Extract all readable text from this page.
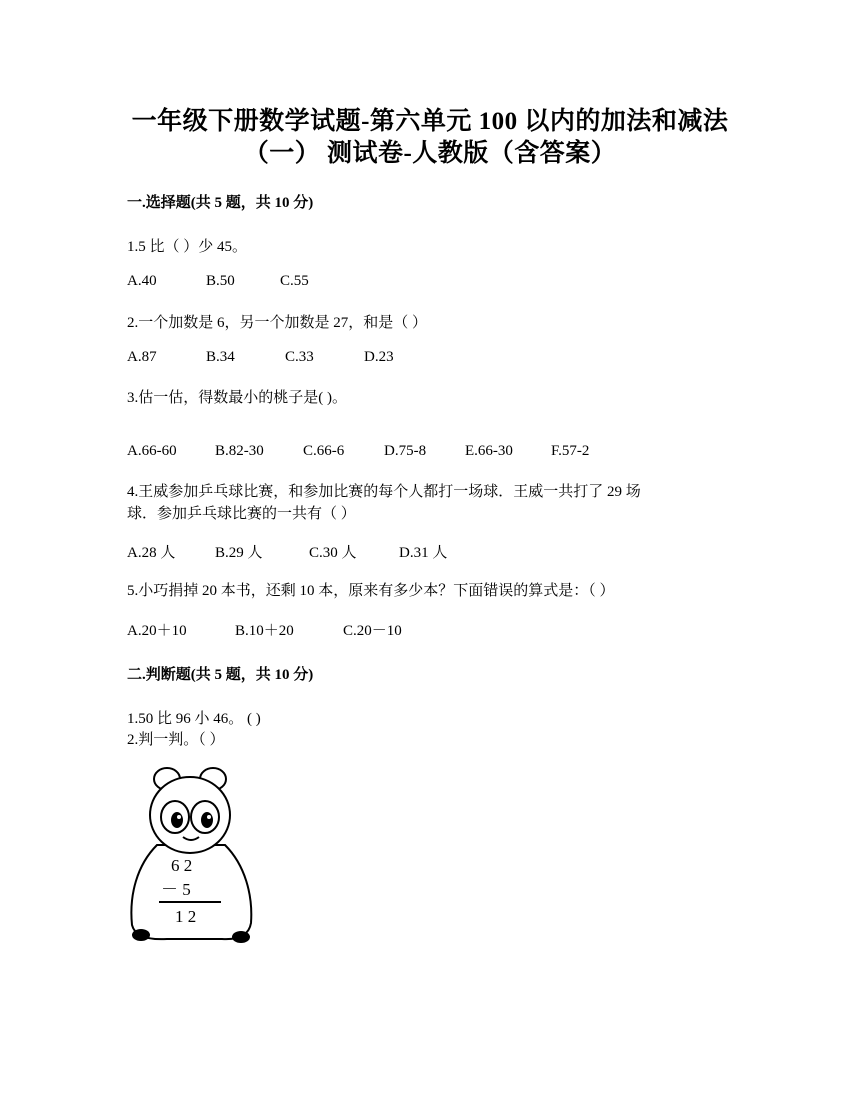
一年级下册数学试题-第六单元 100 以内的加法和减法
（一） 测试卷-人教版（含答案）
一.选择题(共 5 题，共 10 分)
1.5 比（ ）少 45。
A.40	B.50	C.55
2.一个加数是 6，另一个加数是 27，和是（ ）
A.87	B.34	C.33	D.23
3.估一估，得数最小的桃子是( )。
A.66-60	B.82-30	C.66-6	D.75-8	E.66-30	F.57-2
4.王威参加乒乓球比赛，和参加比赛的每个人都打一场球．王威一共打了 29 场
球．参加乒乓球比赛的一共有（ ）
A.28 人	B.29 人	C.30 人	D.31 人
5.小巧捐掉 20 本书，还剩 10 本，原来有多少本？下面错误的算式是：（ ）
A.20＋10	B.10＋20	C.20－10
二.判断题(共 5 题，共 10 分)
1.50 比 96 小 46。 ( )
2.判一判。（ ）
6 2
－ 5
1 2
